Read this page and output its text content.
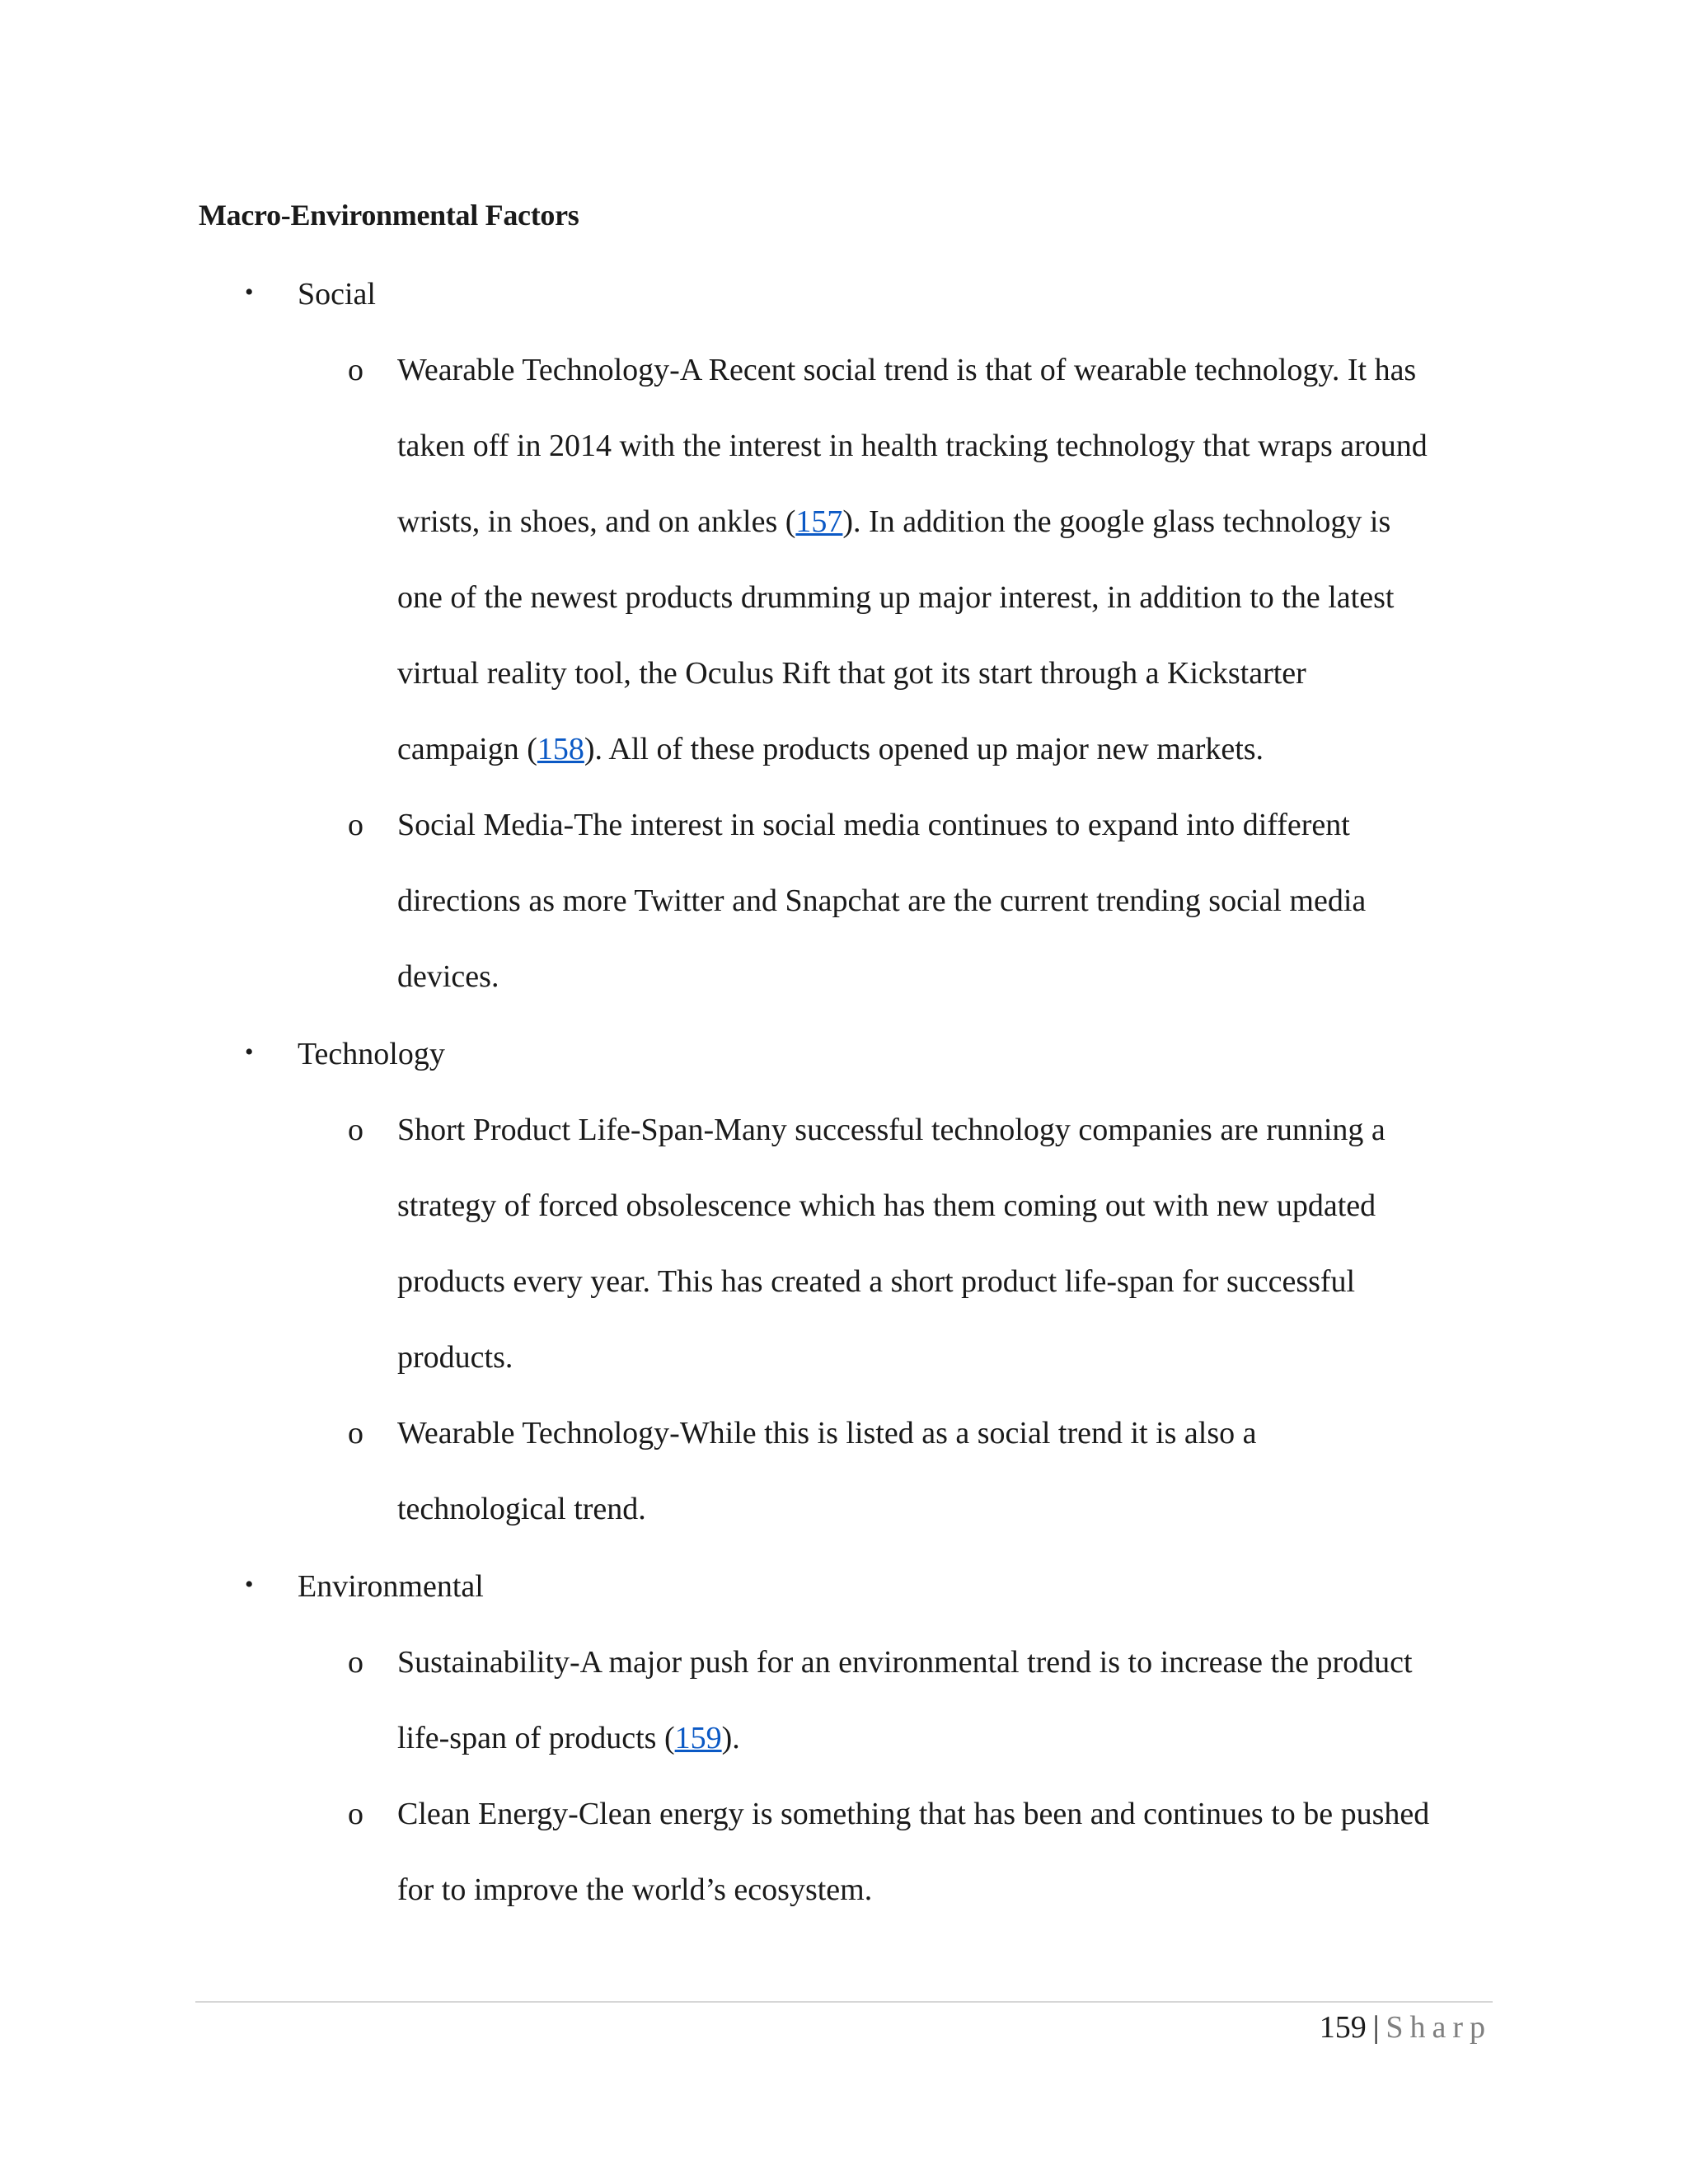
Macro-Environmental Factors
• Social
o Wearable Technology-A Recent social trend is that of wearable technology. It has
taken off in 2014 with the interest in health tracking technology that wraps around
wrists, in shoes, and on ankles (157). In addition the google glass technology is
one of the newest products drumming up major interest, in addition to the latest
virtual reality tool, the Oculus Rift that got its start through a Kickstarter
campaign (158). All of these products opened up major new markets.
o Social Media-The interest in social media continues to expand into different
directions as more Twitter and Snapchat are the current trending social media
devices.
• Technology
o Short Product Life-Span-Many successful technology companies are running a
strategy of forced obsolescence which has them coming out with new updated
products every year. This has created a short product life-span for successful
products.
o Wearable Technology-While this is listed as a social trend it is also a
technological trend.
• Environmental
o Sustainability-A major push for an environmental trend is to increase the product
life-span of products (159).
o Clean Energy-Clean energy is something that has been and continues to be pushed
for to improve the world’s ecosystem.
159 | Sharp
